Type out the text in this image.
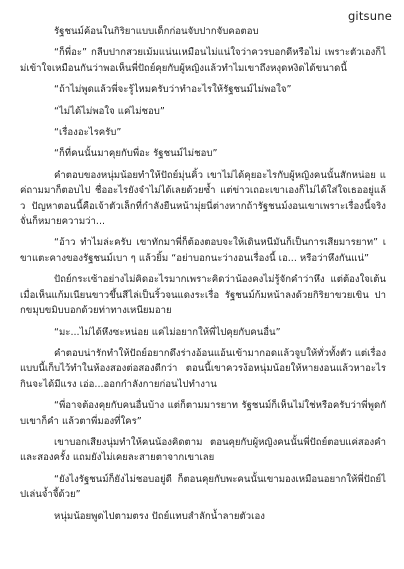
gitsune

รัฐชนม์ค้อนในกิริยาแบบเด็กก่อนจับปากจับคอตอบ

“ก็พี่อะ” กลีบปากสวยเม้มแน่นเหมือนไม่แน่ใจว่าควรบอกดีหรือไม่ เพราะตัวเองก็ไม่เข้าใจเหมือนกันว่าพอเห็นพี่ปัถย์คุยกับผู้หญิงแล้วทำไมเขาถึงหงุดหงิดได้ขนาดนี้

“ถ้าไม่พูดแล้วพี่จะรู้ไหมครับว่าทำอะไรให้รัฐชนม์ไม่พอใจ”

“ไม่ได้ไม่พอใจ แค่ไม่ชอบ”

“เรื่องอะไรครับ”

“ก็ที่คนนั้นมาคุยกับพี่อะ รัฐชนม์ไม่ชอบ”

คำตอบของหนุ่มน้อยทำให้ปัถย์มุ่นคิ้ว เขาไม่ได้คุยอะไรกับผู้หญิงคนนั้นสักหน่อย แค่ถามมาก็ตอบไป ชื่ออะไรยังจำไม่ได้เลยด้วยซ้ำ แต่ข่าวเถอะเขาเองก็ไม่ได้ใส่ใจเธออยู่แล้ว ปัญหาตอนนี้คือเจ้าตัวเล็กที่กำลังยืนหน้ามุ่ยนี่ต่างหากถ้ารัฐชนม์งอนเขาเพราะเรื่องนี้จริง จั่นก็หมายความว่า...

“อ้าว ทำไมล่ะครับ เขาทักมาพี่ก็ต้องตอบจะให้เดินหนีมันก็เป็นการเสียมารยาท” เขาแตะคางของรัฐชนม์เบา ๆ แล้วยิ้ม “อย่าบอกนะว่างอนเรื่องนี้ เอ... หรือว่าหึงกันแน่”

ปัถย์กระเซ้าอย่างไม่คิดอะไรมากเพราะคิดว่าน้องคงไม่รู้จักคำว่าหึง แต่ต้องใจเต้นเมื่อเห็นแก้มเนียนขาวขึ้นสีไล่เป็นริ้วจนแดงระเรื่อ รัฐชนม์ก้มหน้าลงด้วยกิริยาขวยเขิน ปากขมุบขมิบบอกด้วยท่าทางเหนียมอาย

“มะ...ไม่ได้หึงซะหน่อย แค่ไม่อยากให้พี่ไปคุยกับคนอื่น”

คำตอบน่ารักทำให้ปัถย์อยากดึงร่างอ้อนแอ้นเข้ามากอดแล้วจูบให้ทั่วทั้งตัว แต่เรื่องแบบนี้เก็บไว้ทำในห้องสองต่อสองดีกว่า ตอนนี้เขาควรง้อหนุ่มน้อยให้หายงอนแล้วหาอะไรกินจะได้มีแรง เอ่อ...ออกกำลังกายก่อนไปทำงาน

“พี่อาจต้องคุยกับคนอื่นบ้าง แต่ก็ตามมารยาท รัฐชนม์ก็เห็นไม่ใช่หรือครับว่าพี่พูดกับเขาก็คำ แล้วตาพี่มองที่ใคร”

เขาบอกเสียงนุ่มทำให้คนน้องคิดตาม ตอนคุยกับผู้หญิงคนนั้นพี่ปัถย์ตอบแค่สองคำและสองครั้ง แถมยังไม่เคยละสายตาจากเขาเลย

“ยังไงรัฐชนม์ก็ยังไม่ชอบอยู่ดี ก็ตอนคุยกับพะคนนั้นเขามองเหมือนอยากให้พี่ปัถย์ไปเล่นจ้ำจี้ด้วย”

หนุ่มน้อยพูดไปตามตรง ปัถย์แทบสำลักน้ำลายตัวเอง
